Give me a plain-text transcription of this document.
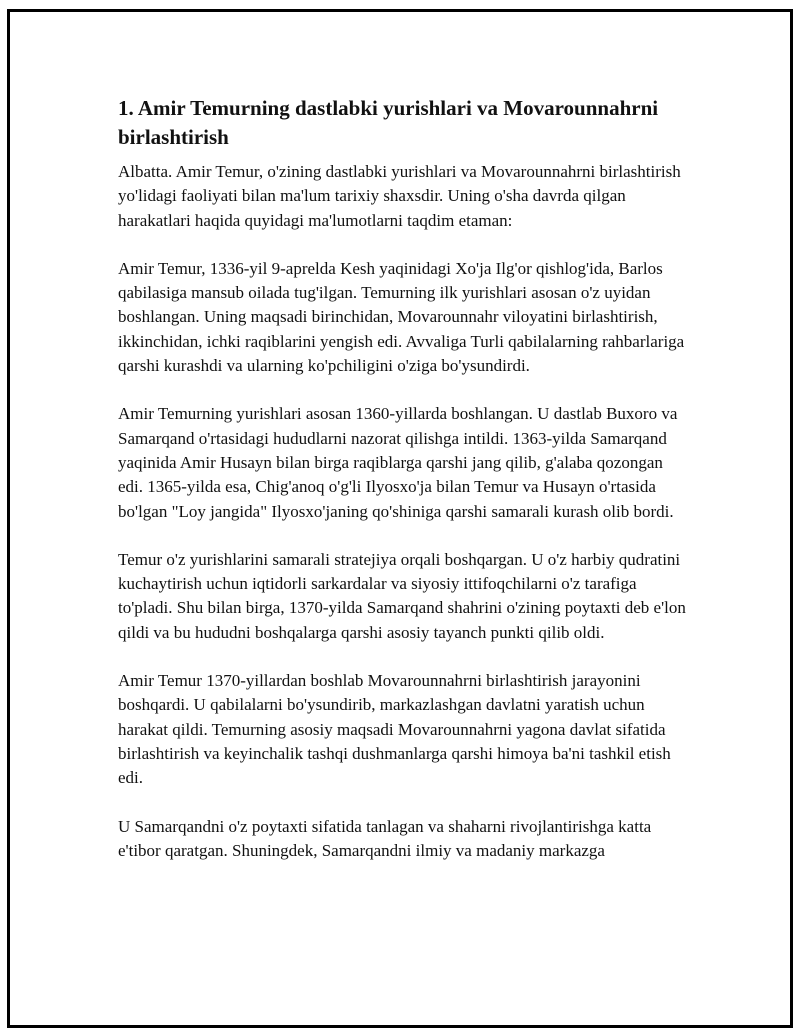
1. Amir Temurning dastlabki yurishlari va Movarounnahrni birlashtirish

Albatta. Amir Temur, o'zining dastlabki yurishlari va Movarounnahrni birlashtirish yo'lidagi faoliyati bilan ma'lum tarixiy shaxsdir. Uning o'sha davrda qilgan harakatlari haqida quyidagi ma'lumotlarni taqdim etaman:

Amir Temur, 1336-yil 9-aprelda Kesh yaqinidagi Xo'ja Ilg'or qishlog'ida, Barlos qabilasiga mansub oilada tug'ilgan. Temurning ilk yurishlari asosan o'z uyidan boshlangan. Uning maqsadi birinchidan, Movarounnahr viloyatini birlashtirish, ikkinchidan, ichki raqiblarini yengish edi. Avvaliga Turli qabilalarning rahbarlariga qarshi kurashdi va ularning ko'pchiligini o'ziga bo'ysundirdi.

Amir Temurning yurishlari asosan 1360-yillarda boshlangan. U dastlab Buxoro va Samarqand o'rtasidagi hududlarni nazorat qilishga intildi. 1363-yilda Samarqand yaqinida Amir Husayn bilan birga raqiblarga qarshi jang qilib, g'alaba qozongan edi. 1365-yilda esa, Chig'anoq o'g'li Ilyosxo'ja bilan Temur va Husayn o'rtasida bo'lgan "Loy jangida" Ilyosxo'janing qo'shiniga qarshi samarali kurash olib bordi.

Temur o'z yurishlarini samarali stratejiya orqali boshqargan. U o'z harbiy qudratini kuchaytirish uchun iqtidorli sarkardalar va siyosiy ittifoqchilarni o'z tarafiga to'pladi. Shu bilan birga, 1370-yilda Samarqand shahrini o'zining poytaxti deb e'lon qildi va bu hududni boshqalarga qarshi asosiy tayanch punkti qilib oldi.

Amir Temur 1370-yillardan boshlab Movarounnahrni birlashtirish jarayonini boshqardi. U qabilalarni bo'ysundirib, markazlashgan davlatni yaratish uchun harakat qildi. Temurning asosiy maqsadi Movarounnahrni yagona davlat sifatida birlashtirish va keyinchalik tashqi dushmanlarga qarshi himoya ba'ni tashkil etish edi.

U Samarqandni o'z poytaxti sifatida tanlagan va shaharni rivojlantirishga katta e'tibor qaratgan. Shuningdek, Samarqandni ilmiy va madaniy markazga
